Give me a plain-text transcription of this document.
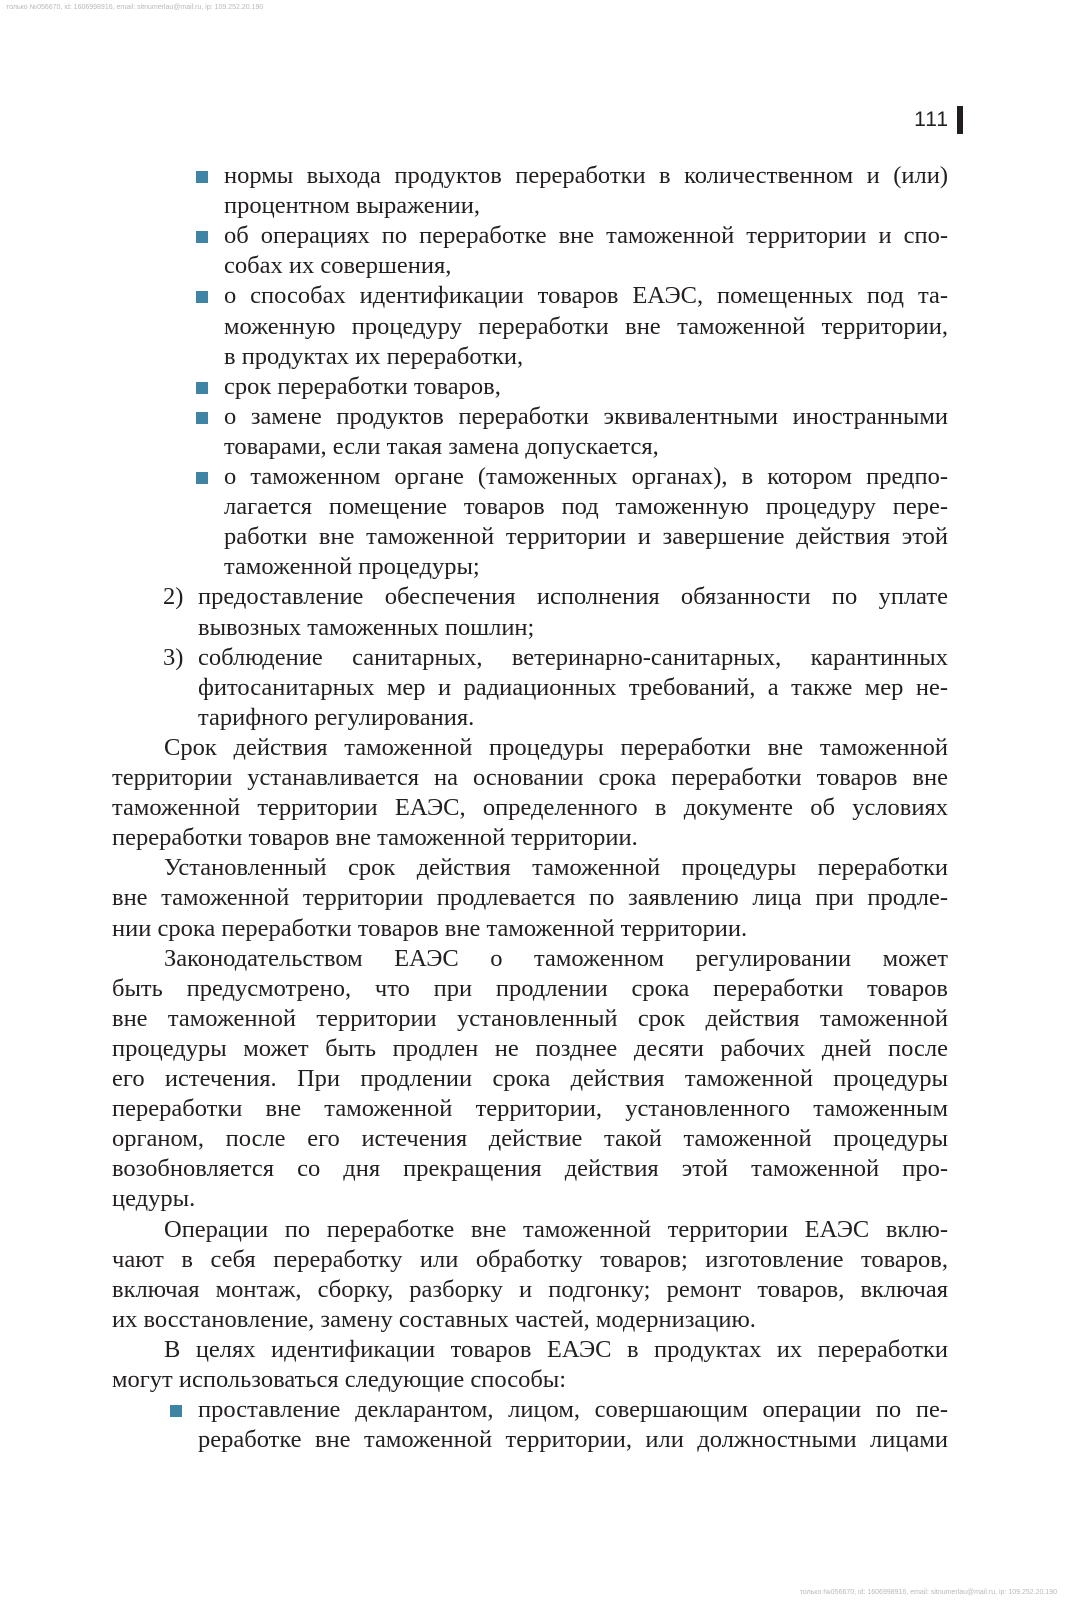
только №056670, id: 1606998916, email: sitnumerlau@mail.ru, ip: 109.252.20.190
111
нормы выхода продуктов переработки в количественном и (или)
процентном выражении,
об операциях по переработке вне таможенной территории и спо-
собах их совершения,
о способах идентификации товаров ЕАЭС, помещенных под та-
моженную процедуру переработки вне таможенной территории,
в продуктах их переработки,
срок переработки товаров,
о замене продуктов переработки эквивалентными иностранными
товарами, если такая замена допускается,
о таможенном органе (таможенных органах), в котором предпо-
лагается помещение товаров под таможенную процедуру пере-
работки вне таможенной территории и завершение действия этой
таможенной процедуры;
2) предоставление обеспечения исполнения обязанности по уплате
вывозных таможенных пошлин;
3) соблюдение санитарных, ветеринарно-санитарных, карантинных
фитосанитарных мер и радиационных требований, а также мер не-
тарифного регулирования.
Срок действия таможенной процедуры переработки вне таможенной
территории устанавливается на основании срока переработки товаров вне
таможенной территории ЕАЭС, определенного в документе об условиях
переработки товаров вне таможенной территории.
Установленный срок действия таможенной процедуры переработки
вне таможенной территории продлевается по заявлению лица при продле-
нии срока переработки товаров вне таможенной территории.
Законодательством ЕАЭС о таможенном регулировании может
быть предусмотрено, что при продлении срока переработки товаров
вне таможенной территории установленный срок действия таможенной
процедуры может быть продлен не позднее десяти рабочих дней после
его истечения. При продлении срока действия таможенной процедуры
переработки вне таможенной территории, установленного таможенным
органом, после его истечения действие такой таможенной процедуры
возобновляется со дня прекращения действия этой таможенной про-
цедуры.
Операции по переработке вне таможенной территории ЕАЭС вклю-
чают в себя переработку или обработку товаров; изготовление товаров,
включая монтаж, сборку, разборку и подгонку; ремонт товаров, включая
их восстановление, замену составных частей, модернизацию.
В целях идентификации товаров ЕАЭС в продуктах их переработки
могут использоваться следующие способы:
проставление декларантом, лицом, совершающим операции по пе-
реработке вне таможенной территории, или должностными лицами
только №056670, id: 1606998916, email: sitnumerlau@mail.ru, ip: 109.252.20.190
